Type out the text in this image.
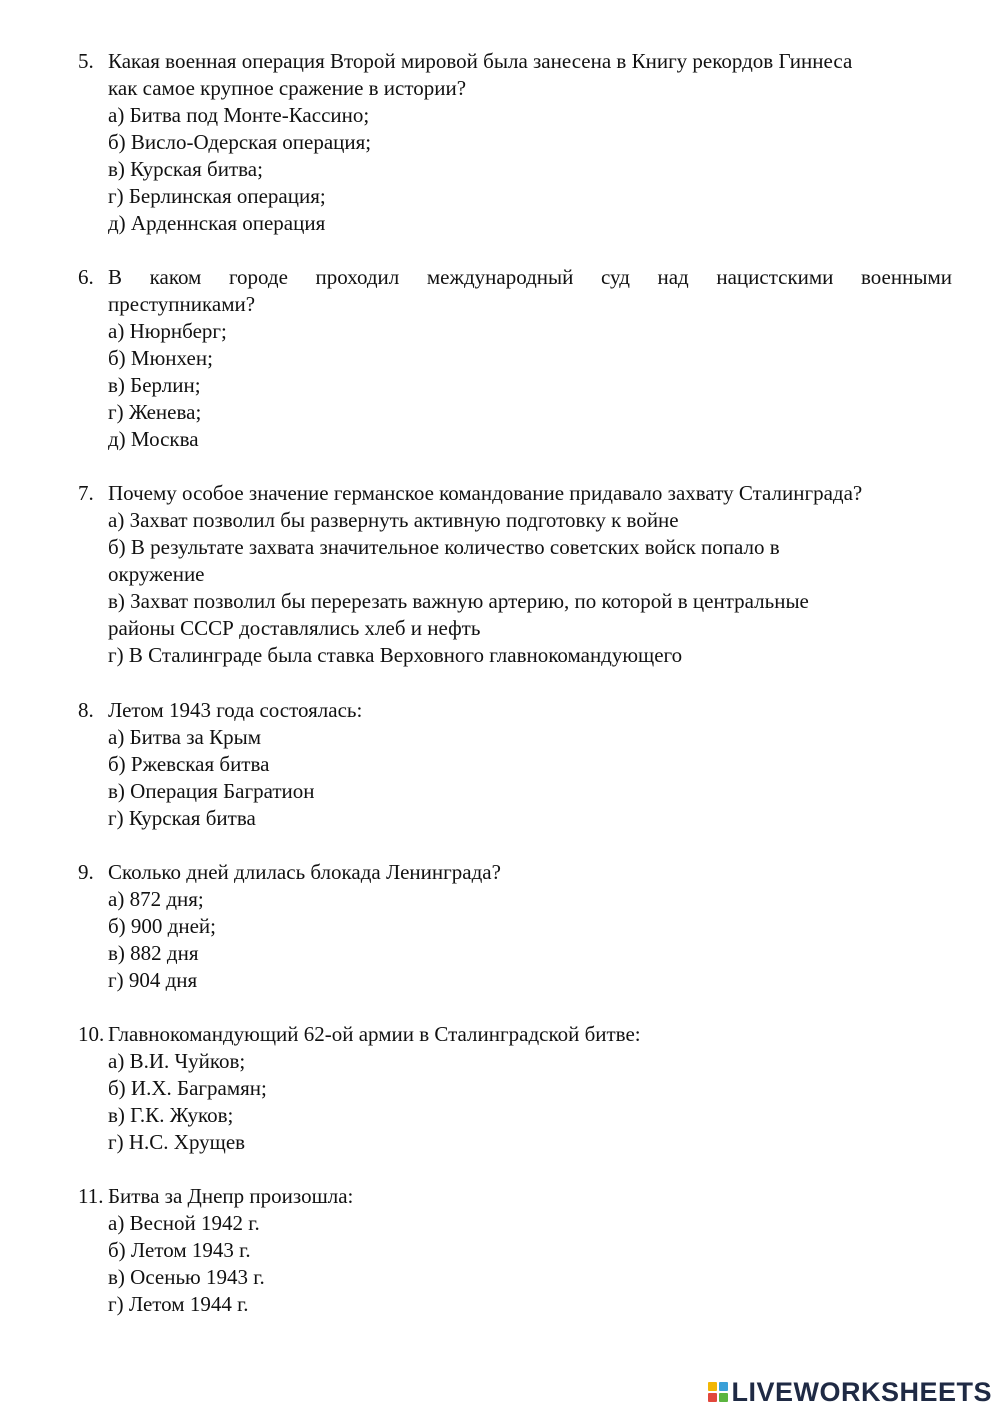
5. Какая военная операция Второй мировой была занесена в Книгу рекордов Гиннеса
как самое крупное сражение в истории?
а) Битва под Монте-Кассино;
б) Висло-Одерская операция;
в) Курская битва;
г) Берлинская операция;
д) Арденнская операция
6. В каком городе проходил международный суд над нацистскими военными
преступниками?
а) Нюрнберг;
б) Мюнхен;
в) Берлин;
г) Женева;
д) Москва
7. Почему особое значение германское командование придавало захвату Сталинграда?
а) Захват позволил бы развернуть активную подготовку к войне
б) В результате захвата значительное количество советских войск попало в
окружение
в) Захват позволил бы перерезать важную артерию, по которой в центральные
районы СССР доставлялись хлеб и нефть
г) В Сталинграде была ставка Верховного главнокомандующего
8. Летом 1943 года состоялась:
а) Битва за Крым
б) Ржевская битва
в) Операция Багратион
г) Курская битва
9. Сколько дней длилась блокада Ленинграда?
а) 872 дня;
б) 900 дней;
в) 882 дня
г) 904 дня
10. Главнокомандующий 62-ой армии в Сталинградской битве:
а) В.И. Чуйков;
б) И.Х. Баграмян;
в) Г.К. Жуков;
г) Н.С. Хрущев
11. Битва за Днепр произошла:
а) Весной 1942 г.
б) Летом 1943 г.
в) Осенью 1943 г.
г) Летом 1944 г.
LIVEWORKSHEETS
